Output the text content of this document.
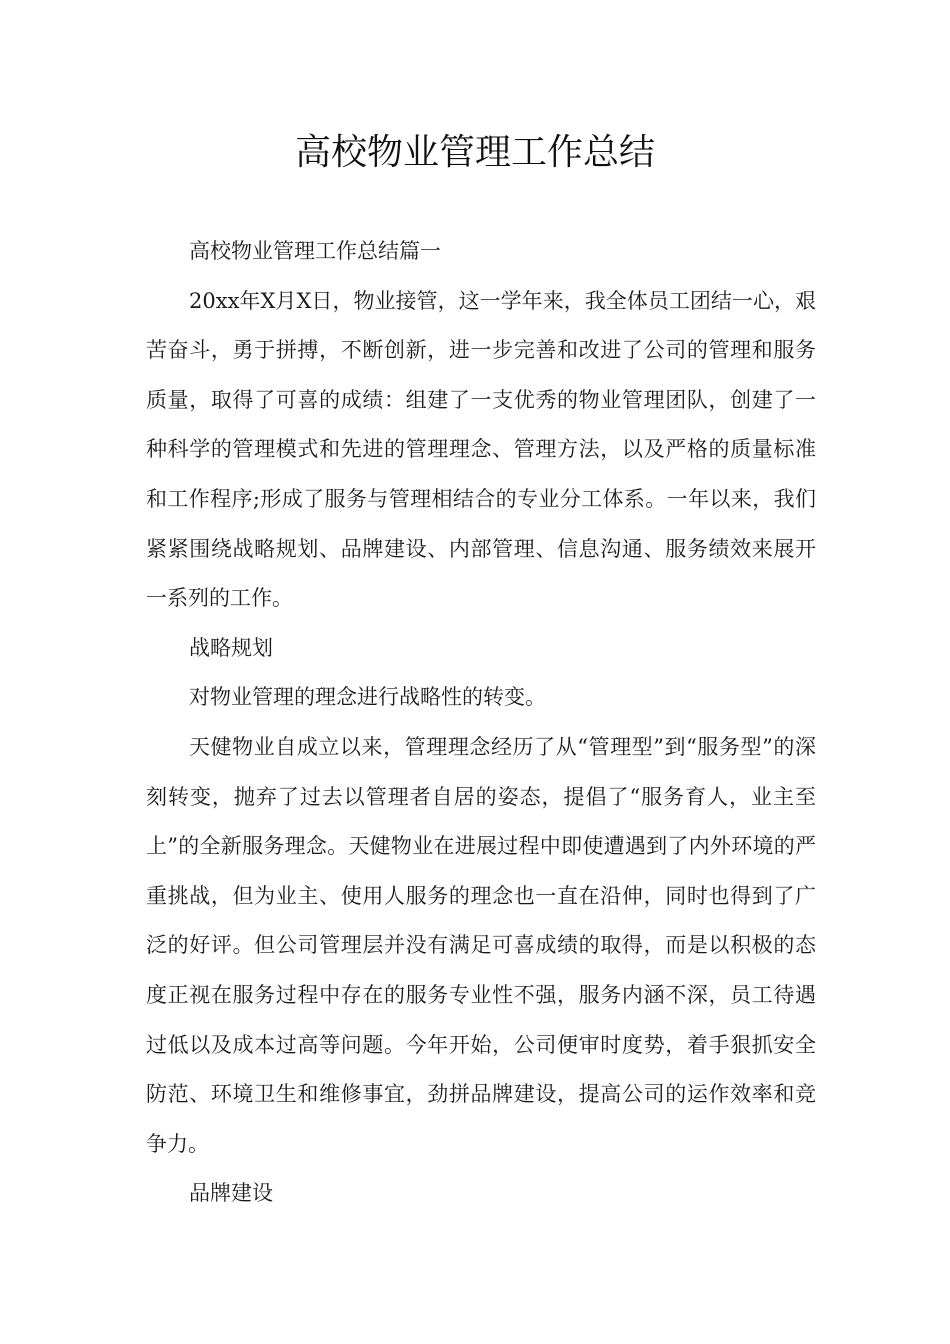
高校物业管理工作总结

高校物业管理工作总结篇一

20xx年X月X日，物业接管，这一学年来，我全体员工团结一心，艰苦奋斗，勇于拼搏，不断创新，进一步完善和改进了公司的管理和服务质量，取得了可喜的成绩：组建了一支优秀的物业管理团队，创建了一种科学的管理模式和先进的管理理念、管理方法，以及严格的质量标准和工作程序;形成了服务与管理相结合的专业分工体系。一年以来，我们紧紧围绕战略规划、品牌建设、内部管理、信息沟通、服务绩效来展开一系列的工作。

战略规划

对物业管理的理念进行战略性的转变。

天健物业自成立以来，管理理念经历了从“管理型”到“服务型”的深刻转变，抛弃了过去以管理者自居的姿态，提倡了“服务育人，业主至上”的全新服务理念。天健物业在进展过程中即使遭遇到了内外环境的严重挑战，但为业主、使用人服务的理念也一直在沿伸，同时也得到了广泛的好评。但公司管理层并没有满足可喜成绩的取得，而是以积极的态度正视在服务过程中存在的服务专业性不强，服务内涵不深，员工待遇过低以及成本过高等问题。今年开始，公司便审时度势，着手狠抓安全防范、环境卫生和维修事宜，劲拼品牌建设，提高公司的运作效率和竞争力。

品牌建设
